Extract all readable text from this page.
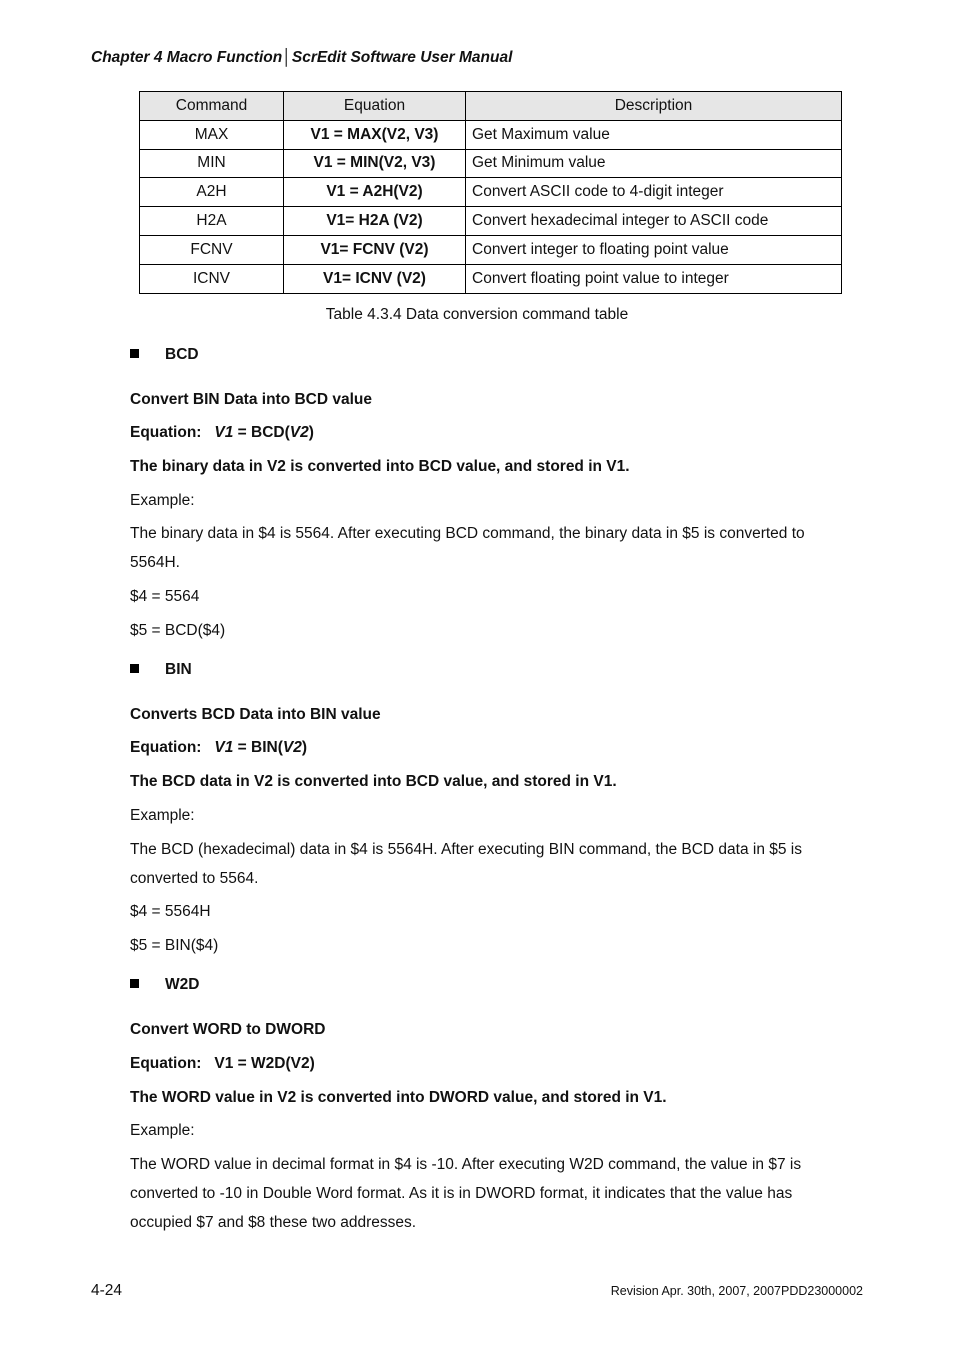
Chapter 4 Macro Function│ScrEdit Software User Manual
Command	Equation	Description
MAX	V1 = MAX(V2, V3)	Get Maximum value
MIN	V1 = MIN(V2, V3)	Get Minimum value
A2H	V1 = A2H(V2)	Convert ASCII code to 4-digit integer
H2A	V1= H2A (V2)	Convert hexadecimal integer to ASCII code
FCNV	V1= FCNV (V2)	Convert integer to floating point value
ICNV	V1= ICNV (V2)	Convert floating point value to integer
Table 4.3.4 Data conversion command table
BCD
Convert BIN Data into BCD value
Equation: V1 = BCD(V2)
The binary data in V2 is converted into BCD value, and stored in V1.
Example:
The binary data in $4 is 5564. After executing BCD command, the binary data in $5 is converted to 5564H.
$4 = 5564
$5 = BCD($4)
BIN
Converts BCD Data into BIN value
Equation: V1 = BIN(V2)
The BCD data in V2 is converted into BCD value, and stored in V1.
Example:
The BCD (hexadecimal) data in $4 is 5564H. After executing BIN command, the BCD data in $5 is converted to 5564.
$4 = 5564H
$5 = BIN($4)
W2D
Convert WORD to DWORD
Equation: V1 = W2D(V2)
The WORD value in V2 is converted into DWORD value, and stored in V1.
Example:
The WORD value in decimal format in $4 is -10. After executing W2D command, the value in $7 is converted to -10 in Double Word format. As it is in DWORD format, it indicates that the value has occupied $7 and $8 these two addresses.
4-24	Revision Apr. 30th, 2007, 2007PDD23000002
